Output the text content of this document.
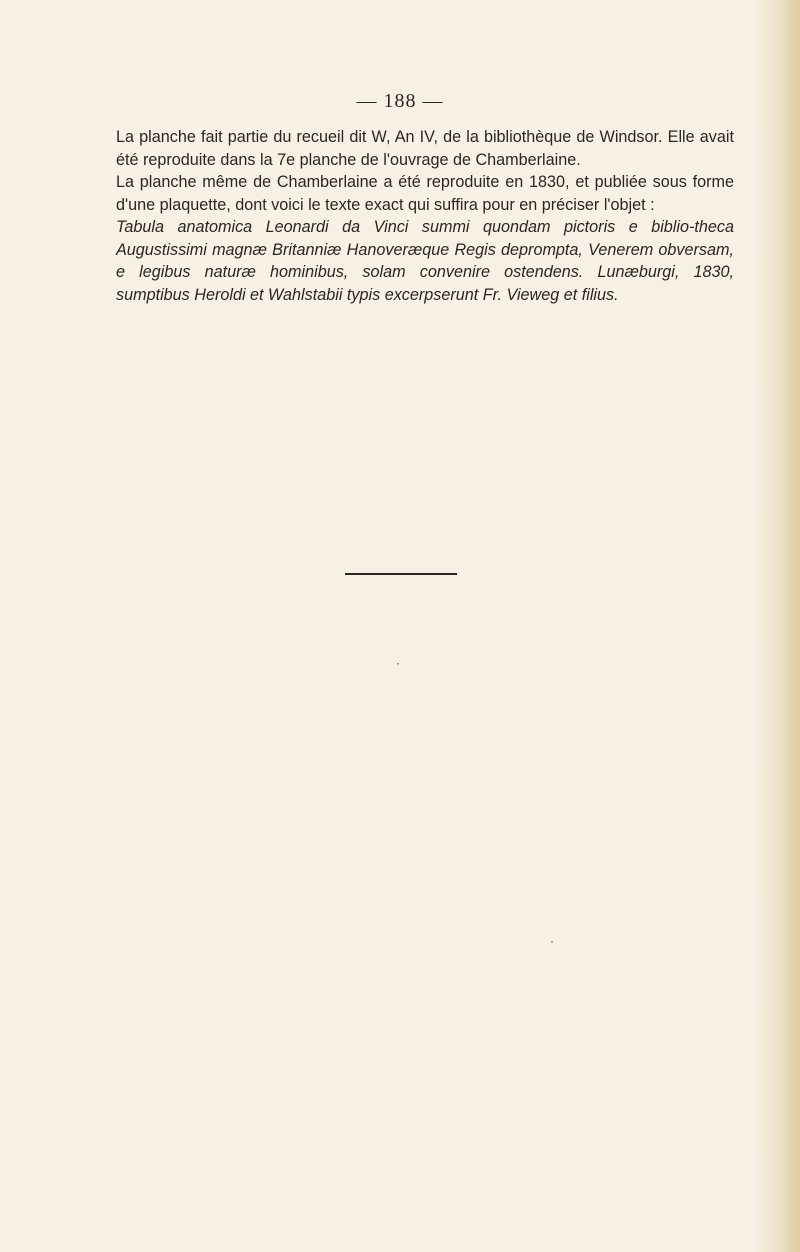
— 188 —

La planche fait partie du recueil dit W, An IV, de la bibliothèque de Windsor. Elle avait été reproduite dans la 7e planche de l'ouvrage de Chamberlaine.

La planche même de Chamberlaine a été reproduite en 1830, et publiée sous forme d'une plaquette, dont voici le texte exact qui suffira pour en préciser l'objet :

Tabula anatomica Leonardi da Vinci summi quondam pictoris e biblio-theca Augustissimi magnæ Britanniæ Hanoveræque Regis deprompta, Venerem obversam, e legibus naturæ hominibus, solam convenire ostendens. Lunæburgi, 1830, sumptibus Heroldi et Wahlstabii typis excerpserunt Fr. Vieweg et filius.

·
·
